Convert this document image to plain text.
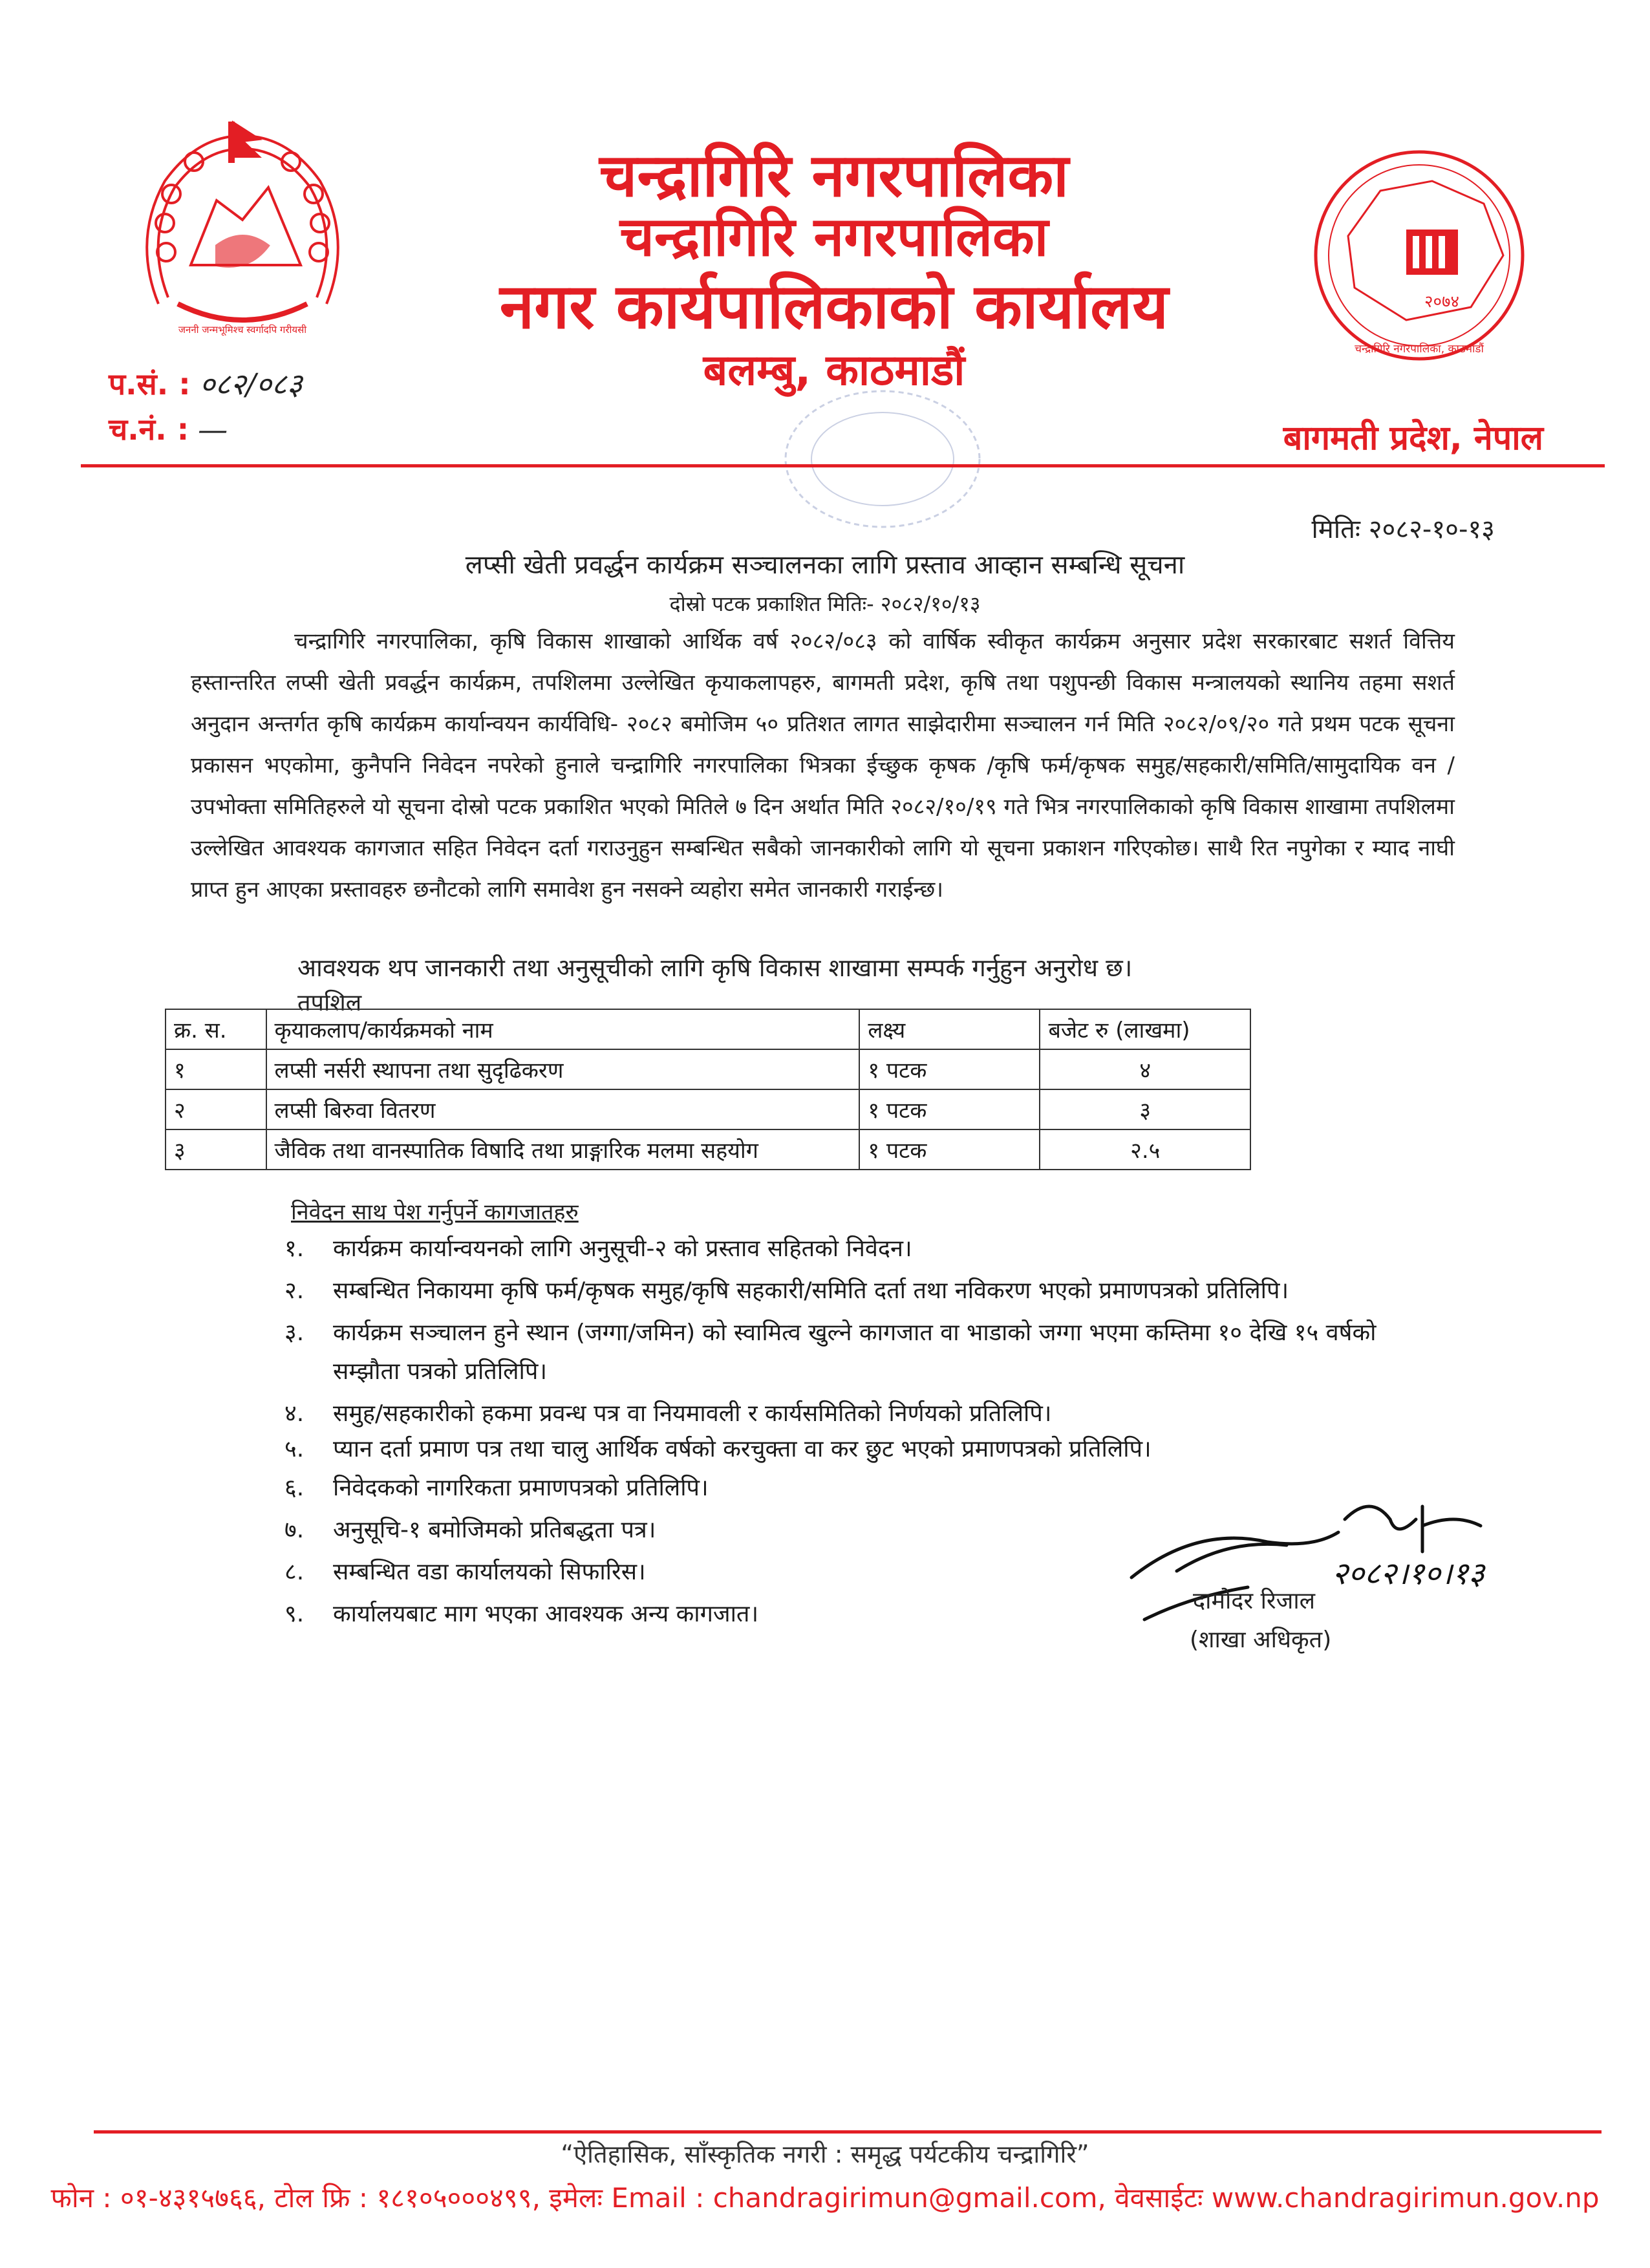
जननी जन्मभूमिश्च स्वर्गादपि गरीयसी
२०७४
चन्द्रागिरि नगरपालिका, काठमाडौं
चन्द्रागिरि नगरपालिका
चन्द्रागिरि नगरपालिका
नगर कार्यपालिकाको कार्यालय
बलम्बु, काठमाडौं
प.सं. : ०८२/०८३
च.नं. : —	बागमती प्रदेश, नेपाल
मितिः २०८२-१०-१३
लप्सी खेती प्रवर्द्धन कार्यक्रम सञ्चालनका लागि प्रस्ताव आव्हान सम्बन्धि सूचना
दोस्रो पटक प्रकाशित मितिः- २०८२/१०/१३
चन्द्रागिरि नगरपालिका, कृषि विकास शाखाको आर्थिक वर्ष २०८२/०८३ को वार्षिक स्वीकृत कार्यक्रम अनुसार प्रदेश सरकारबाट सशर्त वित्तिय हस्तान्तरित लप्सी खेती प्रवर्द्धन कार्यक्रम, तपशिलमा उल्लेखित कृयाकलापहरु, बागमती प्रदेश, कृषि तथा पशुपन्छी विकास मन्त्रालयको स्थानिय तहमा सशर्त अनुदान अन्तर्गत कृषि कार्यक्रम कार्यान्वयन कार्यविधि- २०८२ बमोजिम ५० प्रतिशत लागत साझेदारीमा सञ्चालन गर्न मिति २०८२/०९/२० गते प्रथम पटक सूचना प्रकासन भएकोमा, कुनैपनि निवेदन नपरेको हुनाले चन्द्रागिरि नगरपालिका भित्रका ईच्छुक कृषक /कृषि फर्म/कृषक समुह/सहकारी/समिति/सामुदायिक वन /उपभोक्ता समितिहरुले यो सूचना दोस्रो पटक प्रकाशित भएको मितिले ७ दिन अर्थात मिति २०८२/१०/१९ गते भित्र नगरपालिकाको कृषि विकास शाखामा तपशिलमा उल्लेखित आवश्यक कागजात सहित निवेदन दर्ता गराउनुहुन सम्बन्धित सबैको जानकारीको लागि यो सूचना प्रकाशन गरिएकोछ। साथै रित नपुगेका र म्याद नाघी प्राप्त हुन आएका प्रस्तावहरु छनौटको लागि समावेश हुन नसक्ने व्यहोरा समेत जानकारी गराईन्छ।
आवश्यक थप जानकारी तथा अनुसूचीको लागि कृषि विकास शाखामा सम्पर्क गर्नुहुन अनुरोध छ।
तपशिल
क्र. स.	कृयाकलाप/कार्यक्रमको नाम	लक्ष्य	बजेट रु (लाखमा)
१	लप्सी नर्सरी स्थापना तथा सुदृढिकरण	१ पटक	४
२	लप्सी बिरुवा वितरण	१ पटक	३
३	जैविक तथा वानस्पातिक विषादि तथा प्राङ्गारिक मलमा सहयोग	१ पटक	२.५
निवेदन साथ पेश गर्नुपर्ने कागजातहरु
१. कार्यक्रम कार्यान्वयनको लागि अनुसूची-२ को प्रस्ताव सहितको निवेदन।
२. सम्बन्धित निकायमा कृषि फर्म/कृषक समुह/कृषि सहकारी/समिति दर्ता तथा नविकरण भएको प्रमाणपत्रको प्रतिलिपि।
३. कार्यक्रम सञ्चालन हुने स्थान (जग्गा/जमिन) को स्वामित्व खुल्ने कागजात वा भाडाको जग्गा भएमा कम्तिमा १० देखि १५ वर्षको
सम्झौता पत्रको प्रतिलिपि।
४. समुह/सहकारीको हकमा प्रवन्ध पत्र वा नियमावली र कार्यसमितिको निर्णयको प्रतिलिपि।
५. प्यान दर्ता प्रमाण पत्र तथा चालु आर्थिक वर्षको करचुक्ता वा कर छुट भएको प्रमाणपत्रको प्रतिलिपि।
६. निवेदकको नागरिकता प्रमाणपत्रको प्रतिलिपि।
७. अनुसूचि-१ बमोजिमको प्रतिबद्धता पत्र।
८. सम्बन्धित वडा कार्यालयको सिफारिस।
९. कार्यालयबाट माग भएका आवश्यक अन्य कागजात।
२०८२।१०।१३
दामोदर रिजाल
(शाखा अधिकृत)
“ऐतिहासिक, साँस्कृतिक नगरी : समृद्ध पर्यटकीय चन्द्रागिरि”
फोन : ०१-४३१५७६६, टोल फ्रि : १८१०५०००४९९, इमेलः Email : chandragirimun@gmail.com, वेवसाईटः www.chandragirimun.gov.np
